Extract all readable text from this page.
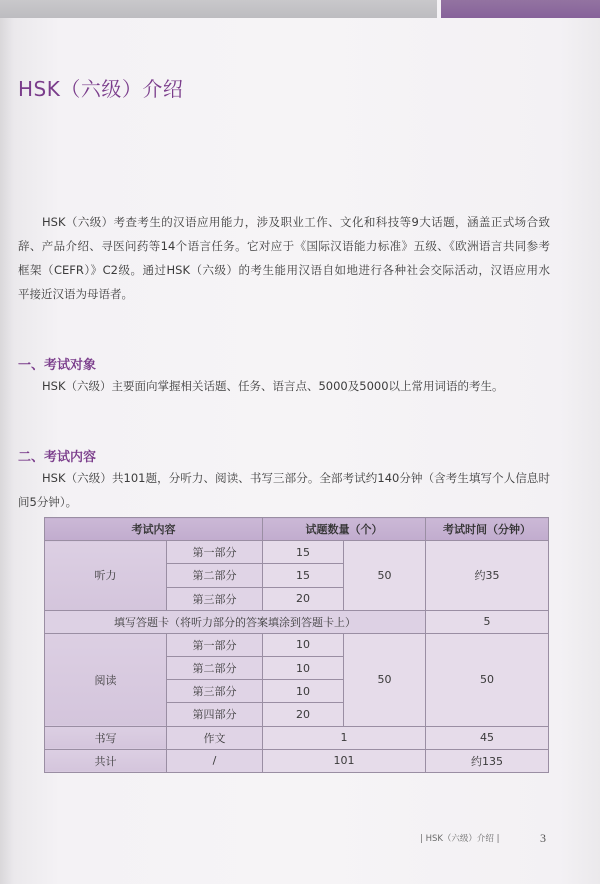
HSK（六级）介绍
HSK（六级）考查考生的汉语应用能力，涉及职业工作、文化和科技等9大话题，涵盖正式场合致
辞、产品介绍、寻医问药等14个语言任务。它对应于《国际汉语能力标准》五级、《欧洲语言共同参考
框架（CEFR）》C2级。通过HSK（六级）的考生能用汉语自如地进行各种社会交际活动，汉语应用水
平接近汉语为母语者。
一、考试对象
HSK（六级）主要面向掌握相关话题、任务、语言点、5000及5000以上常用词语的考生。
二、考试内容
HSK（六级）共101题，分听力、阅读、书写三部分。全部考试约140分钟（含考生填写个人信息时
间5分钟）。
考试内容		试题数量（个）		考试时间（分钟）
听力	第一部分	15	50	约35
	第二部分	15		
	第三部分	20		
填写答题卡（将听力部分的答案填涂到答题卡上）				5
阅读	第一部分	10	50	50
	第二部分	10		
	第三部分	10		
	第四部分	20		
书写	作文	1		45
共计	/	101		约135
| HSK（六级）介绍 |	3
